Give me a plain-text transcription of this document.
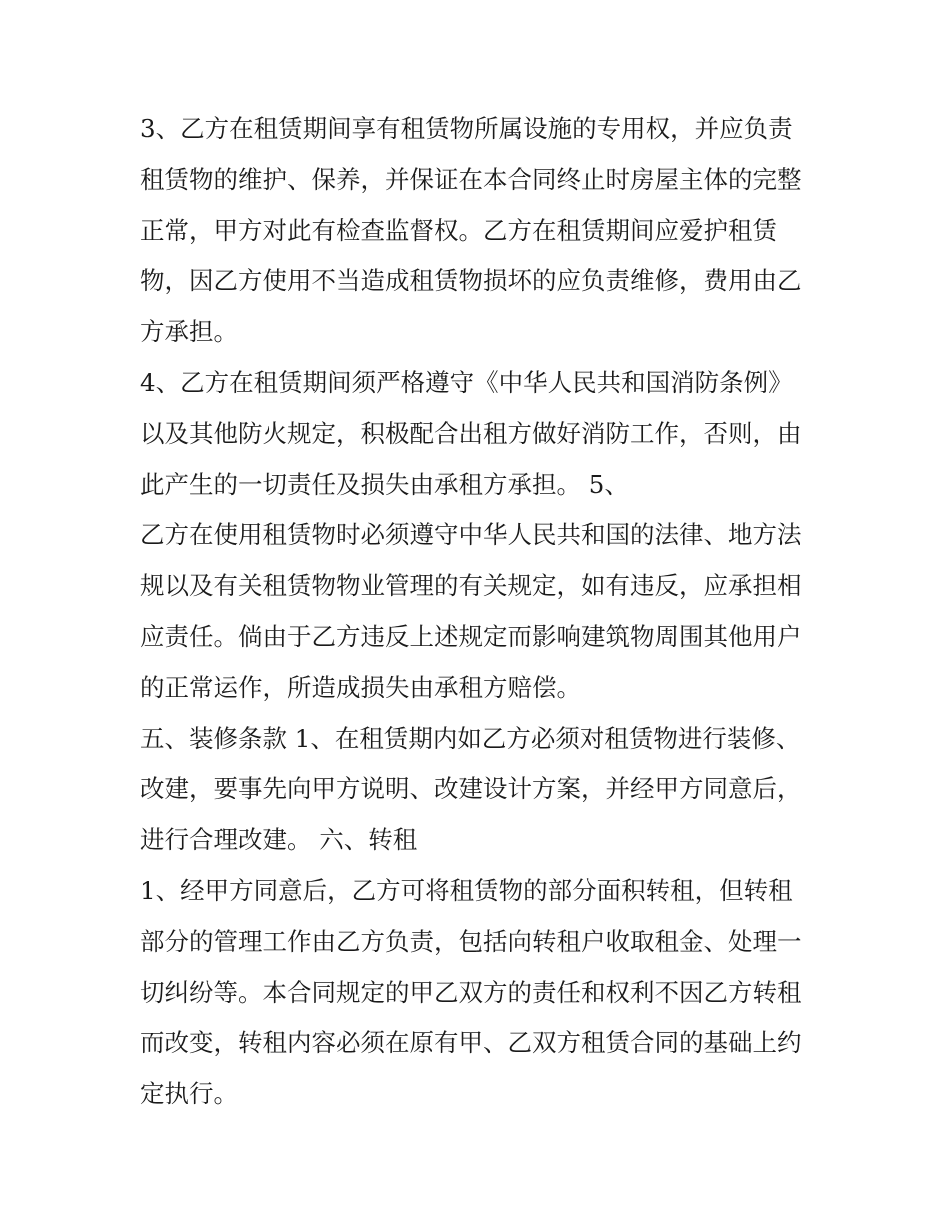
3、乙方在租赁期间享有租赁物所属设施的专用权，并应负责
租赁物的维护、保养，并保证在本合同终止时房屋主体的完整
正常，甲方对此有检查监督权。乙方在租赁期间应爱护租赁
物，因乙方使用不当造成租赁物损坏的应负责维修，费用由乙
方承担。
4、乙方在租赁期间须严格遵守《中华人民共和国消防条例》
以及其他防火规定，积极配合出租方做好消防工作，否则，由
此产生的一切责任及损失由承租方承担。 5、
乙方在使用租赁物时必须遵守中华人民共和国的法律、地方法
规以及有关租赁物物业管理的有关规定，如有违反，应承担相
应责任。倘由于乙方违反上述规定而影响建筑物周围其他用户
的正常运作，所造成损失由承租方赔偿。
五、装修条款 1、在租赁期内如乙方必须对租赁物进行装修、
改建，要事先向甲方说明、改建设计方案，并经甲方同意后，
进行合理改建。 六、转租
1、经甲方同意后，乙方可将租赁物的部分面积转租，但转租
部分的管理工作由乙方负责，包括向转租户收取租金、处理一
切纠纷等。本合同规定的甲乙双方的责任和权利不因乙方转租
而改变，转租内容必须在原有甲、乙双方租赁合同的基础上约
定执行。
